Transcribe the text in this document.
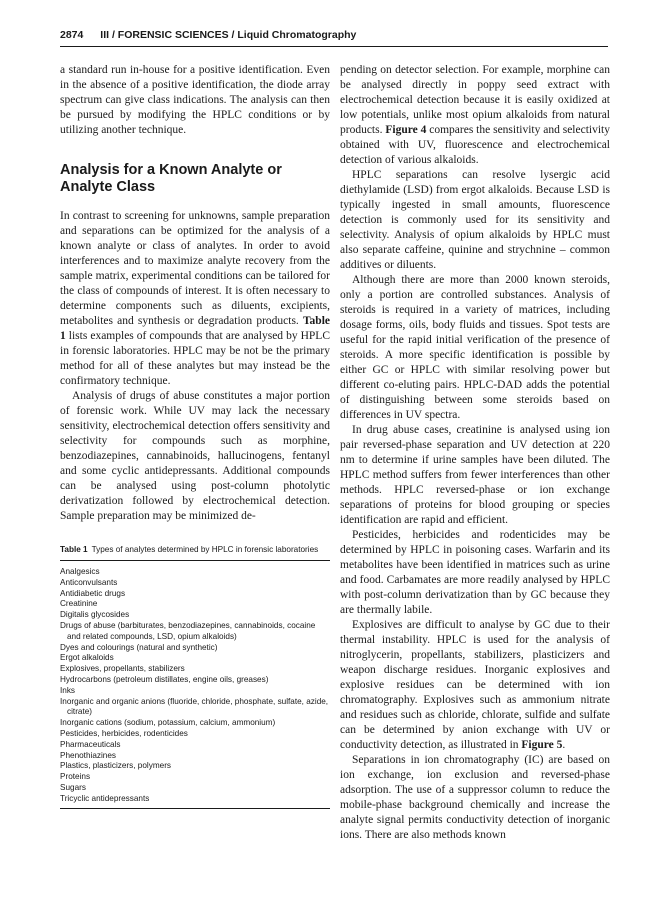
2874 III / FORENSIC SCIENCES / Liquid Chromatography

a standard run in-house for a positive identification. Even in the absence of a positive identification, the diode array spectrum can give class indications. The analysis can then be pursued by modifying the HPLC conditions or by utilizing another technique.

Analysis for a Known Analyte or Analyte Class

In contrast to screening for unknowns, sample preparation and separations can be optimized for the analysis of a known analyte or class of analytes. In order to avoid interferences and to maximize analyte recovery from the sample matrix, experimental conditions can be tailored for the class of compounds of interest. It is often necessary to determine components such as diluents, excipients, metabolites and synthesis or degradation products. Table 1 lists examples of compounds that are analysed by HPLC in forensic laboratories. HPLC may be not be the primary method for all of these analytes but may instead be the confirmatory technique.

Analysis of drugs of abuse constitutes a major portion of forensic work. While UV may lack the necessary sensitivity, electrochemical detection offers sensitivity and selectivity for compounds such as morphine, benzodiazepines, cannabinoids, hallucinogens, fentanyl and some cyclic antidepressants. Additional compounds can be analysed using post-column photolytic derivatization followed by electrochemical detection. Sample preparation may be minimized de-

Table 1 Types of analytes determined by HPLC in forensic laboratories
Analgesics
Anticonvulsants
Antidiabetic drugs
Creatinine
Digitalis glycosides
Drugs of abuse (barbiturates, benzodiazepines, cannabinoids, cocaine and related compounds, LSD, opium alkaloids)
Dyes and colourings (natural and synthetic)
Ergot alkaloids
Explosives, propellants, stabilizers
Hydrocarbons (petroleum distillates, engine oils, greases)
Inks
Inorganic and organic anions (fluoride, chloride, phosphate, sulfate, azide, citrate)
Inorganic cations (sodium, potassium, calcium, ammonium)
Pesticides, herbicides, rodenticides
Pharmaceuticals
Phenothiazines
Plastics, plasticizers, polymers
Proteins
Sugars
Tricyclic antidepressants

pending on detector selection. For example, morphine can be analysed directly in poppy seed extract with electrochemical detection because it is easily oxidized at low potentials, unlike most opium alkaloids from natural products. Figure 4 compares the sensitivity and selectivity obtained with UV, fluorescence and electrochemical detection of various alkaloids.

HPLC separations can resolve lysergic acid diethylamide (LSD) from ergot alkaloids. Because LSD is typically ingested in small amounts, fluorescence detection is commonly used for its sensitivity and selectivity. Analysis of opium alkaloids by HPLC must also separate caffeine, quinine and strychnine – common additives or diluents.

Although there are more than 2000 known steroids, only a portion are controlled substances. Analysis of steroids is required in a variety of matrices, including dosage forms, oils, body fluids and tissues. Spot tests are useful for the rapid initial verification of the presence of steroids. A more specific identification is possible by either GC or HPLC with similar resolving power but different co-eluting pairs. HPLC-DAD adds the potential of distinguishing between some steroids based on differences in UV spectra.

In drug abuse cases, creatinine is analysed using ion pair reversed-phase separation and UV detection at 220 nm to determine if urine samples have been diluted. The HPLC method suffers from fewer interferences than other methods. HPLC reversed-phase or ion exchange separations of proteins for blood grouping or species identification are rapid and efficient.

Pesticides, herbicides and rodenticides may be determined by HPLC in poisoning cases. Warfarin and its metabolites have been identified in matrices such as urine and food. Carbamates are more readily analysed by HPLC with post-column derivatization than by GC because they are thermally labile.

Explosives are difficult to analyse by GC due to their thermal instability. HPLC is used for the analysis of nitroglycerin, propellants, stabilizers, plasticizers and weapon discharge residues. Inorganic explosives and explosive residues can be determined with ion chromatography. Explosives such as ammonium nitrate and residues such as chloride, chlorate, sulfide and sulfate can be determined by anion exchange with UV or conductivity detection, as illustrated in Figure 5.

Separations in ion chromatography (IC) are based on ion exchange, ion exclusion and reversed-phase adsorption. The use of a suppressor column to reduce the mobile-phase background chemically and increase the analyte signal permits conductivity detection of inorganic ions. There are also methods known
